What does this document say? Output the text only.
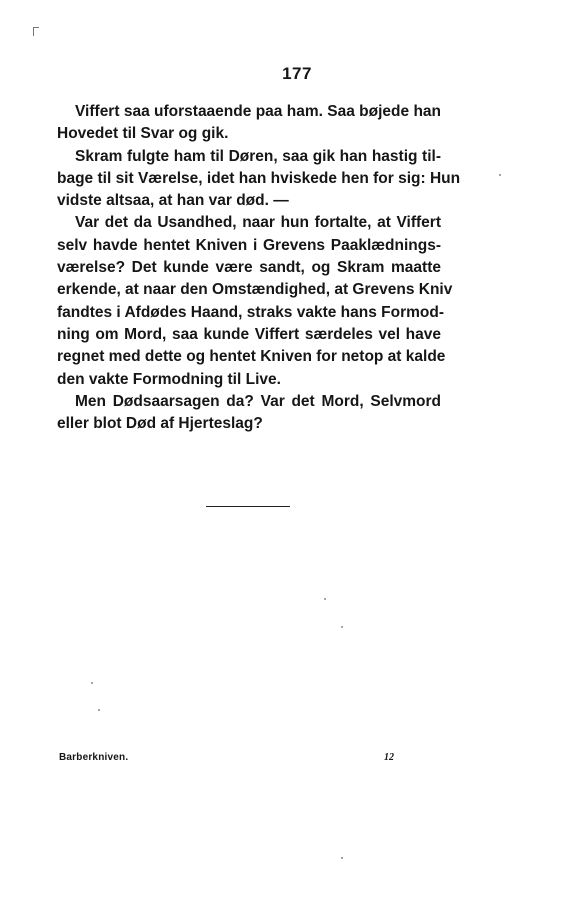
177
Viffert saa uforstaaende paa ham. Saa bøjede han
Hovedet til Svar og gik.
Skram fulgte ham til Døren, saa gik han hastig til-
bage til sit Værelse, idet han hviskede hen for sig: Hun
vidste altsaa, at han var død. —
Var det da Usandhed, naar hun fortalte, at Viffert
selv havde hentet Kniven i Grevens Paaklædnings-
værelse? Det kunde være sandt, og Skram maatte
erkende, at naar den Omstændighed, at Grevens Kniv
fandtes i Afdødes Haand, straks vakte hans Formod-
ning om Mord, saa kunde Viffert særdeles vel have
regnet med dette og hentet Kniven for netop at kalde
den vakte Formodning til Live.
Men Dødsaarsagen da? Var det Mord, Selvmord
eller blot Død af Hjerteslag?
Barberkniven.	12
